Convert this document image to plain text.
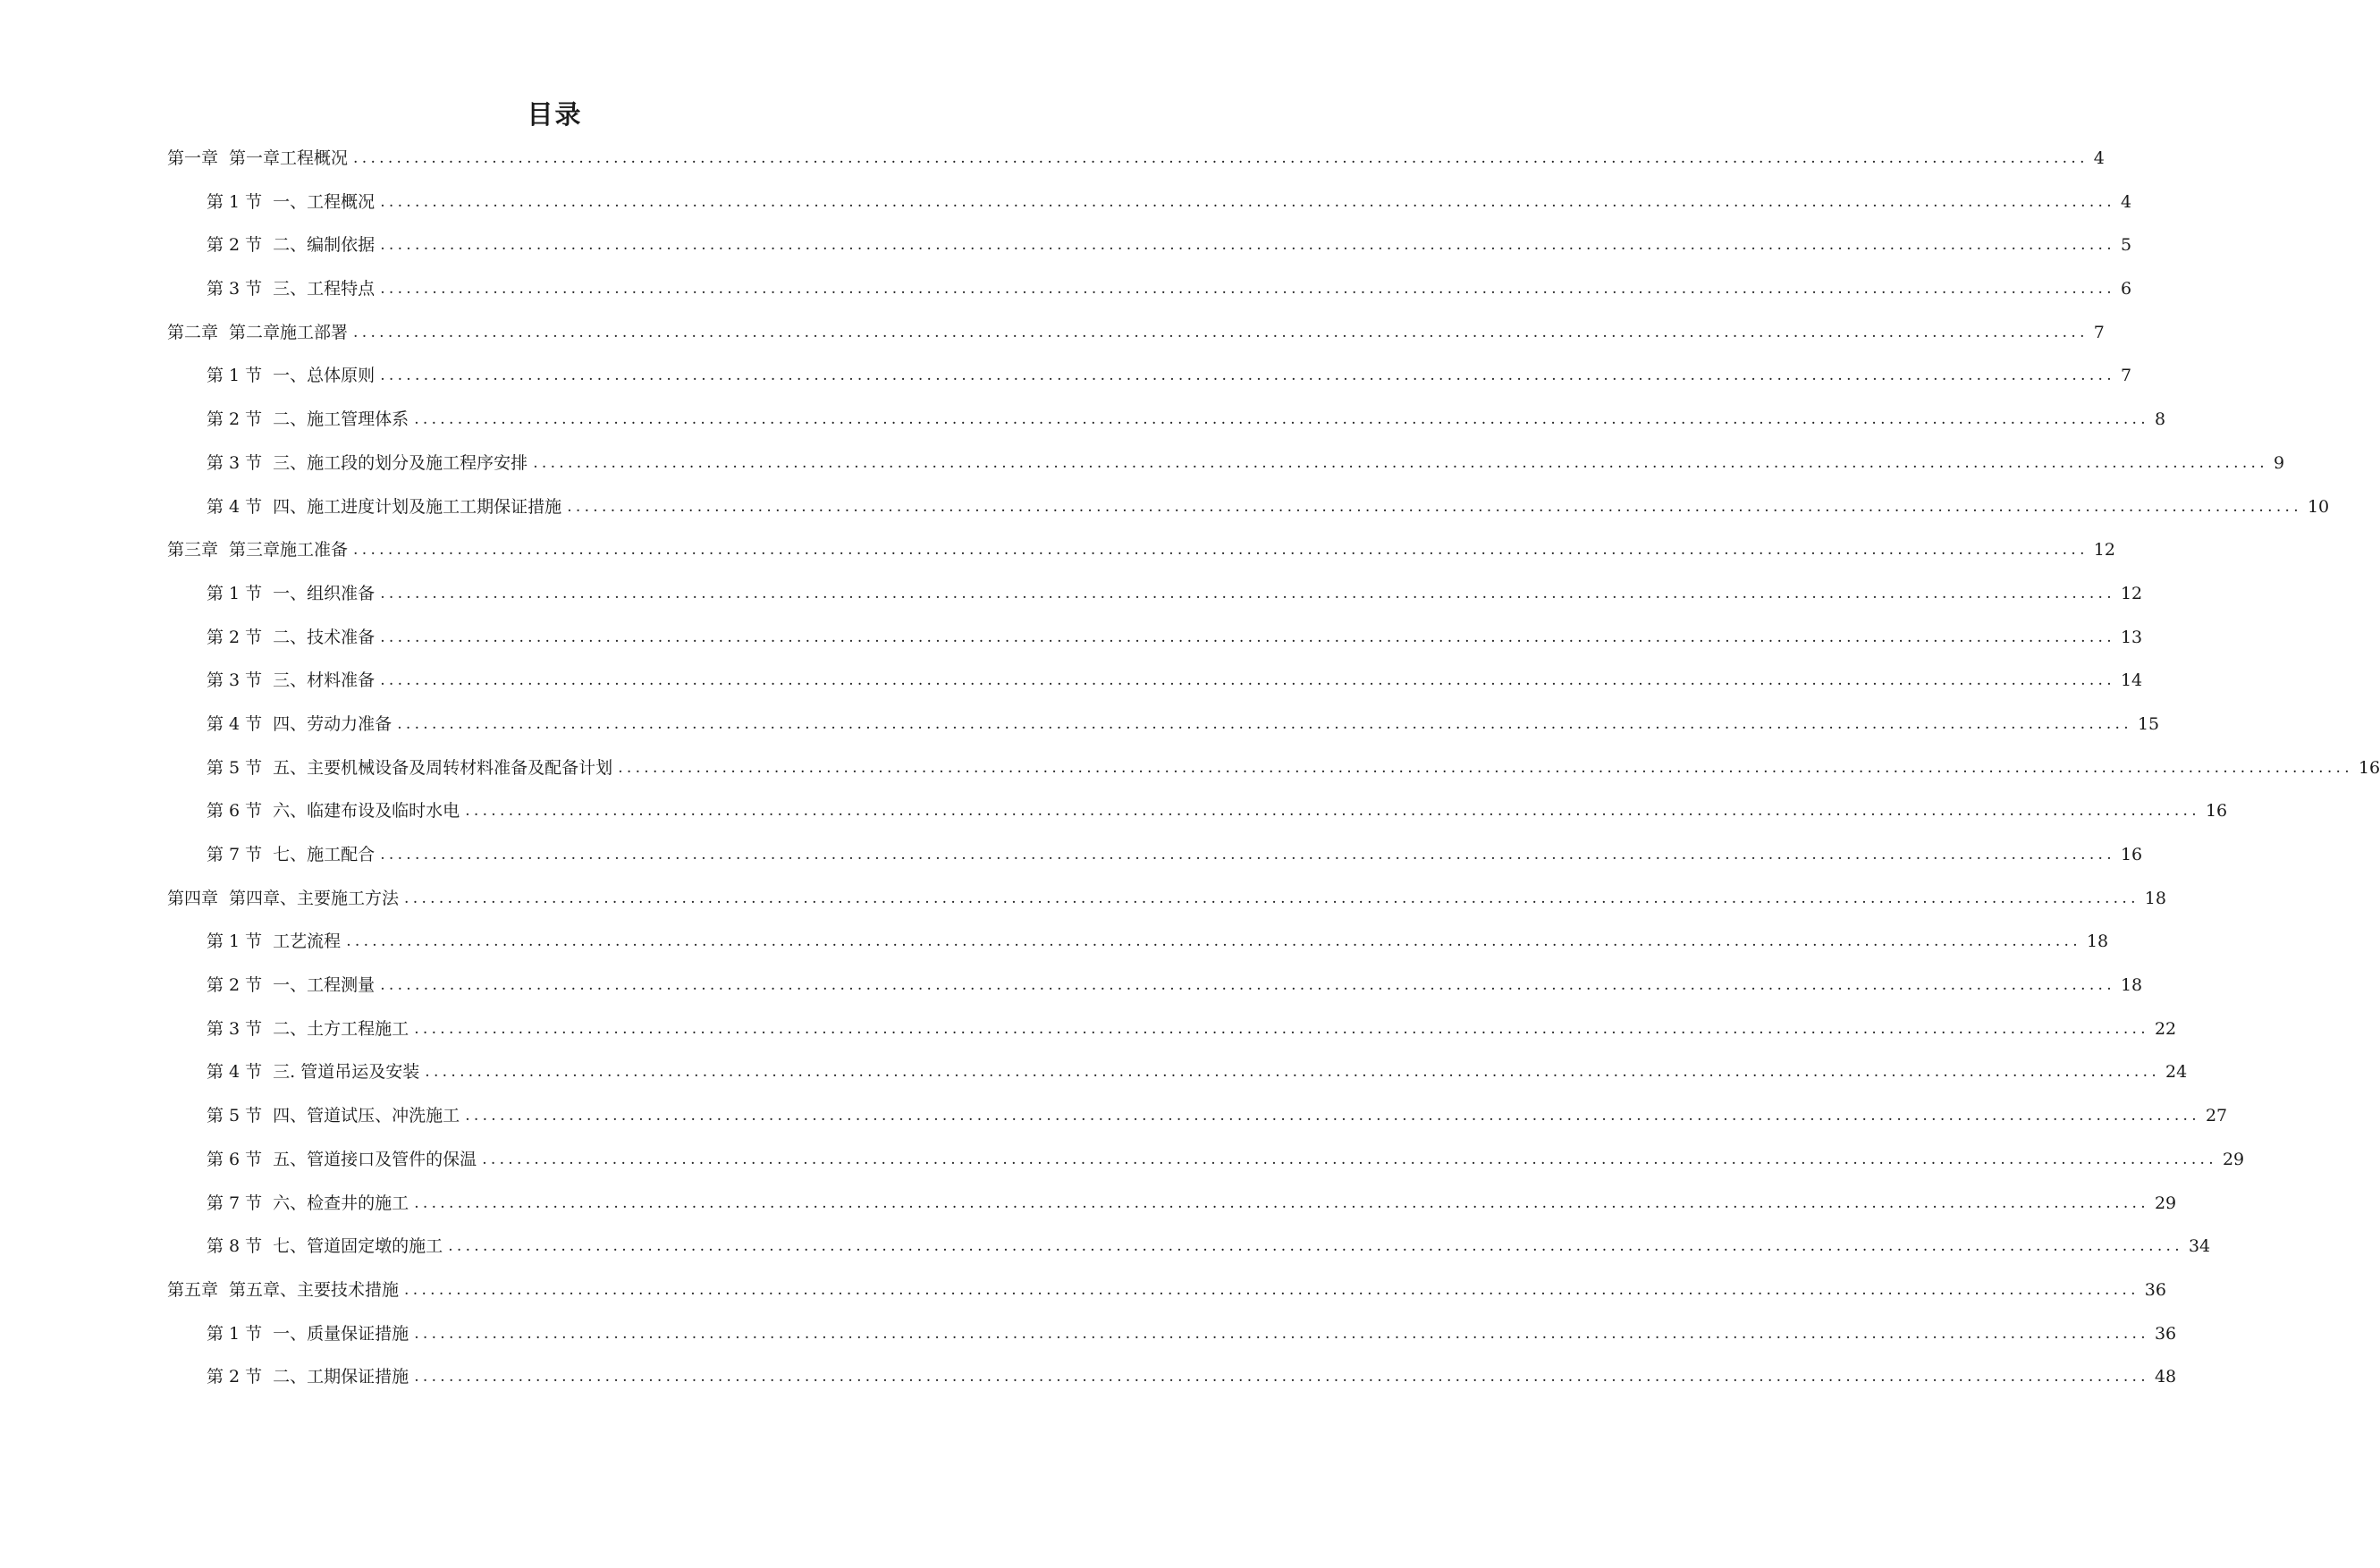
目录
第一章 第一章工程概况 ........................................................................................................................................................................................................ 4
第 1 节 一、工程概况 ........................................................................................................................................................................................................ 4
第 2 节 二、编制依据 ........................................................................................................................................................................................................ 5
第 3 节 三、工程特点 ........................................................................................................................................................................................................ 6
第二章 第二章施工部署 ........................................................................................................................................................................................................ 7
第 1 节 一、总体原则 ........................................................................................................................................................................................................ 7
第 2 节 二、施工管理体系 ........................................................................................................................................................................................................ 8
第 3 节 三、施工段的划分及施工程序安排 ........................................................................................................................................................................................................ 9
第 4 节 四、施工进度计划及施工工期保证措施 ........................................................................................................................................................................................................ 10
第三章 第三章施工准备 ........................................................................................................................................................................................................ 12
第 1 节 一、组织准备 ........................................................................................................................................................................................................ 12
第 2 节 二、技术准备 ........................................................................................................................................................................................................ 13
第 3 节 三、材料准备 ........................................................................................................................................................................................................ 14
第 4 节 四、劳动力准备 ........................................................................................................................................................................................................ 15
第 5 节 五、主要机械设备及周转材料准备及配备计划 ........................................................................................................................................................................................................ 16
第 6 节 六、临建布设及临时水电 ........................................................................................................................................................................................................ 16
第 7 节 七、施工配合 ........................................................................................................................................................................................................ 16
第四章 第四章、主要施工方法 ........................................................................................................................................................................................................ 18
第 1 节 工艺流程 ........................................................................................................................................................................................................ 18
第 2 节 一、工程测量 ........................................................................................................................................................................................................ 18
第 3 节 二、土方工程施工 ........................................................................................................................................................................................................ 22
第 4 节 三. 管道吊运及安装 ........................................................................................................................................................................................................ 24
第 5 节 四、管道试压、冲洗施工 ........................................................................................................................................................................................................ 27
第 6 节 五、管道接口及管件的保温 ........................................................................................................................................................................................................ 29
第 7 节 六、检查井的施工 ........................................................................................................................................................................................................ 29
第 8 节 七、管道固定墩的施工 ........................................................................................................................................................................................................ 34
第五章 第五章、主要技术措施 ........................................................................................................................................................................................................ 36
第 1 节 一、质量保证措施 ........................................................................................................................................................................................................ 36
第 2 节 二、工期保证措施 ........................................................................................................................................................................................................ 48
